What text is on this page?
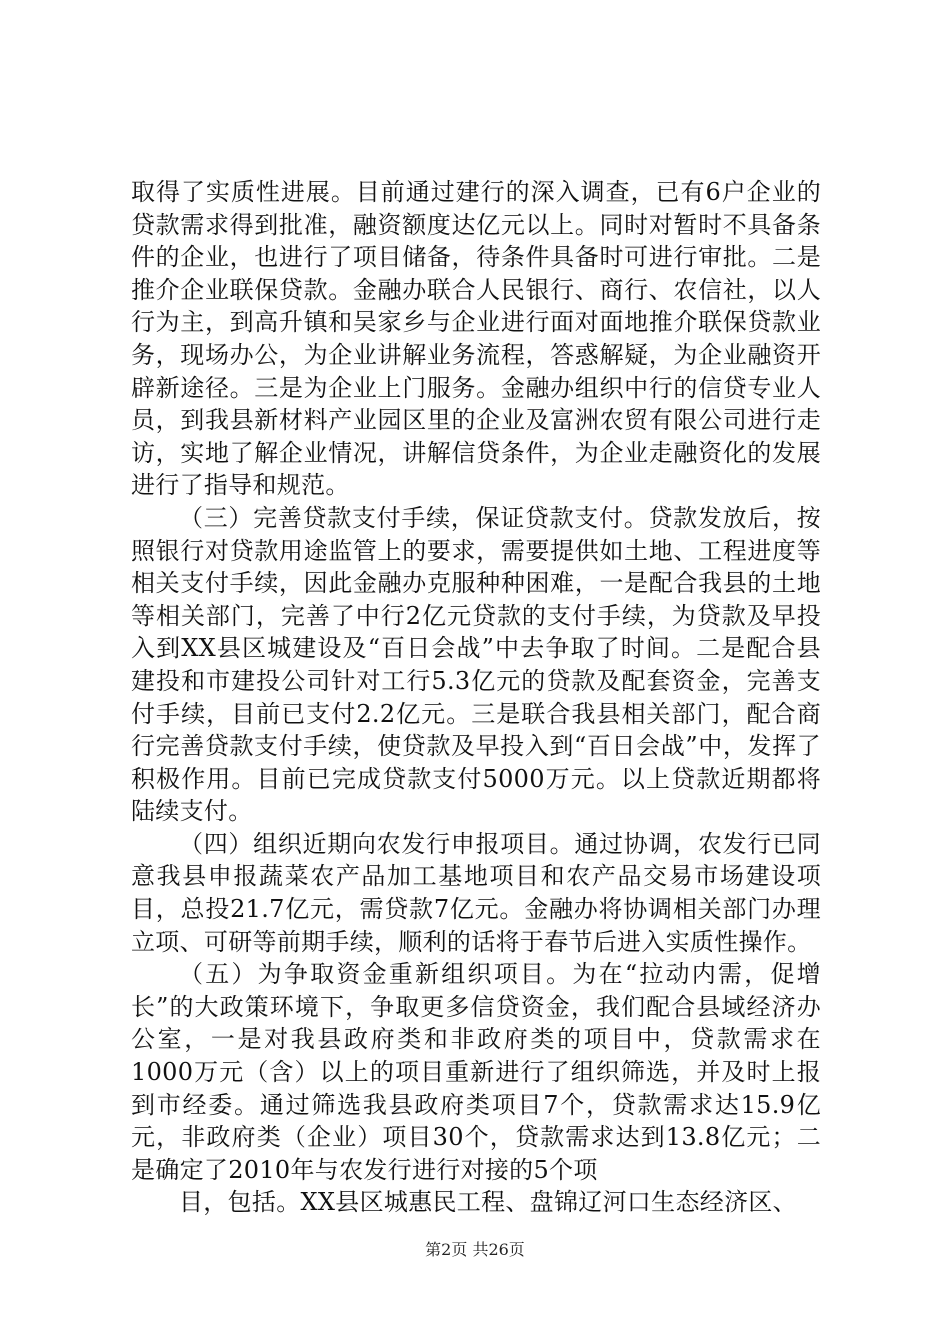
取得了实质性进展。目前通过建行的深入调查，已有6户企业的贷款需求得到批准，融资额度达亿元以上。同时对暂时不具备条件的企业，也进行了项目储备，待条件具备时可进行审批。二是推介企业联保贷款。金融办联合人民银行、商行、农信社，以人行为主，到高升镇和吴家乡与企业进行面对面地推介联保贷款业务，现场办公，为企业讲解业务流程，答惑解疑，为企业融资开辟新途径。三是为企业上门服务。金融办组织中行的信贷专业人员，到我县新材料产业园区里的企业及富洲农贸有限公司进行走访，实地了解企业情况，讲解信贷条件，为企业走融资化的发展进行了指导和规范。

（三）完善贷款支付手续，保证贷款支付。贷款发放后，按照银行对贷款用途监管上的要求，需要提供如土地、工程进度等相关支付手续，因此金融办克服种种困难，一是配合我县的土地等相关部门，完善了中行2亿元贷款的支付手续，为贷款及早投入到XX县区城建设及“百日会战”中去争取了时间。二是配合县建投和市建投公司针对工行5.3亿元的贷款及配套资金，完善支付手续，目前已支付2.2亿元。三是联合我县相关部门，配合商行完善贷款支付手续，使贷款及早投入到“百日会战”中，发挥了积极作用。目前已完成贷款支付5000万元。以上贷款近期都将陆续支付。

（四）组织近期向农发行申报项目。通过协调，农发行已同意我县申报蔬菜农产品加工基地项目和农产品交易市场建设项目，总投21.7亿元，需贷款7亿元。金融办将协调相关部门办理立项、可研等前期手续，顺利的话将于春节后进入实质性操作。

（五）为争取资金重新组织项目。为在“拉动内需，促增长”的大政策环境下，争取更多信贷资金，我们配合县域经济办公室，一是对我县政府类和非政府类的项目中，贷款需求在1000万元（含）以上的项目重新进行了组织筛选，并及时上报到市经委。通过筛选我县政府类项目7个，贷款需求达15.9亿元，非政府类（企业）项目30个，贷款需求达到13.8亿元；二是确定了2010年与农发行进行对接的5个项

目，包括。XX县区城惠民工程、盘锦辽河口生态经济区、

第2页 共26页
